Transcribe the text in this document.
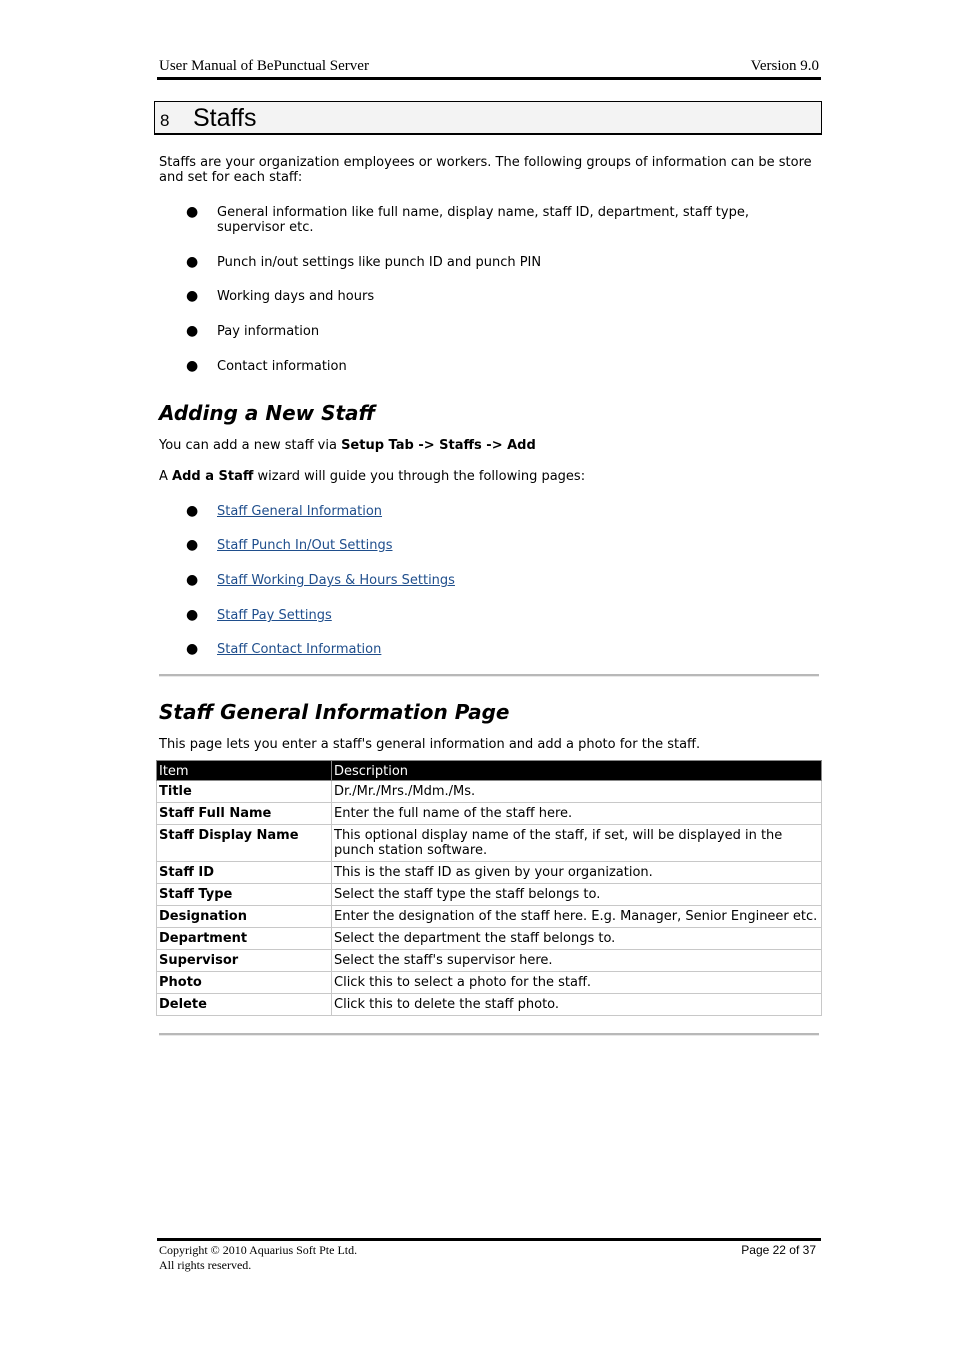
User Manual of BePunctual Server	Version 9.0
8 Staffs
Staffs are your organization employees or workers. The following groups of information can be store and set for each staff:
● General information like full name, display name, staff ID, department, staff type, supervisor etc.
● Punch in/out settings like punch ID and punch PIN
● Working days and hours
● Pay information
● Contact information
Adding a New Staff
You can add a new staff via Setup Tab -> Staffs -> Add
A Add a Staff wizard will guide you through the following pages:
● Staff General Information
● Staff Punch In/Out Settings
● Staff Working Days & Hours Settings
● Staff Pay Settings
● Staff Contact Information
Staff General Information Page
This page lets you enter a staff's general information and add a photo for the staff.
Item	Description
Title	Dr./Mr./Mrs./Mdm./Ms.
Staff Full Name	Enter the full name of the staff here.
Staff Display Name	This optional display name of the staff, if set, will be displayed in the punch station software.
Staff ID	This is the staff ID as given by your organization.
Staff Type	Select the staff type the staff belongs to.
Designation	Enter the designation of the staff here. E.g. Manager, Senior Engineer etc.
Department	Select the department the staff belongs to.
Supervisor	Select the staff's supervisor here.
Photo	Click this to select a photo for the staff.
Delete	Click this to delete the staff photo.
Copyright © 2010 Aquarius Soft Pte Ltd.
All rights reserved.
Page 22 of 37
